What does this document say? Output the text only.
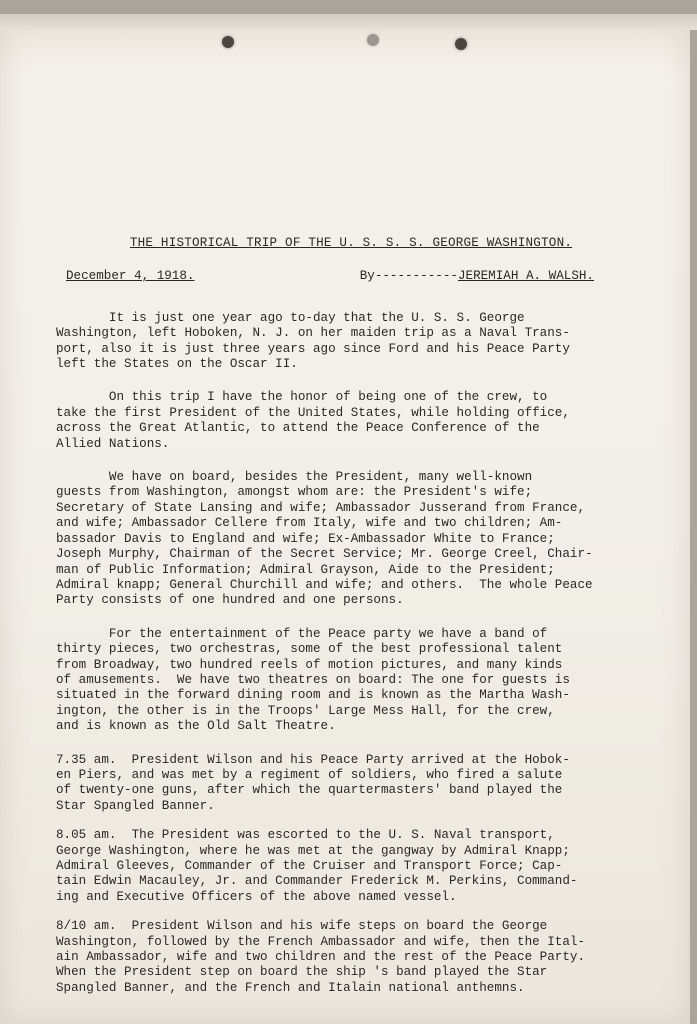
THE HISTORICAL TRIP OF THE U. S. S. S. GEORGE WASHINGTON.
December 4, 1918.	By-----------JEREMIAH A. WALSH.
It is just one year ago to-day that the U. S. S. George
Washington, left Hoboken, N. J. on her maiden trip as a Naval Trans-
port, also it is just three years ago since Ford and his Peace Party
left the States on the Oscar II.
On this trip I have the honor of being one of the crew, to
take the first President of the United States, while holding office,
across the Great Atlantic, to attend the Peace Conference of the
Allied Nations.
We have on board, besides the President, many well-known
guests from Washington, amongst whom are: the President's wife;
Secretary of State Lansing and wife; Ambassador Jusserand from France,
and wife; Ambassador Cellere from Italy, wife and two children; Am-
bassador Davis to England and wife; Ex-Ambassador White to France;
Joseph Murphy, Chairman of the Secret Service; Mr. George Creel, Chair-
man of Public Information; Admiral Grayson, Aide to the President;
Admiral knapp; General Churchill and wife; and others.  The whole Peace
Party consists of one hundred and one persons.
For the entertainment of the Peace party we have a band of
thirty pieces, two orchestras, some of the best professional talent
from Broadway, two hundred reels of motion pictures, and many kinds
of amusements.  We have two theatres on board: The one for guests is
situated in the forward dining room and is known as the Martha Wash-
ington, the other is in the Troops' Large Mess Hall, for the crew,
and is known as the Old Salt Theatre.
7.35 am.  President Wilson and his Peace Party arrived at the Hobok-
en Piers, and was met by a regiment of soldiers, who fired a salute
of twenty-one guns, after which the quartermasters' band played the
Star Spangled Banner.
8.05 am.  The President was escorted to the U. S. Naval transport,
George Washington, where he was met at the gangway by Admiral Knapp;
Admiral Gleeves, Commander of the Cruiser and Transport Force; Cap-
tain Edwin Macauley, Jr. and Commander Frederick M. Perkins, Command-
ing and Executive Officers of the above named vessel.
8/10 am.  President Wilson and his wife steps on board the George
Washington, followed by the French Ambassador and wife, then the Ital-
ain Ambassador, wife and two children and the rest of the Peace Party.
When the President step on board the ship 's band played the Star
Spangled Banner, and the French and Italain national anthemns.
